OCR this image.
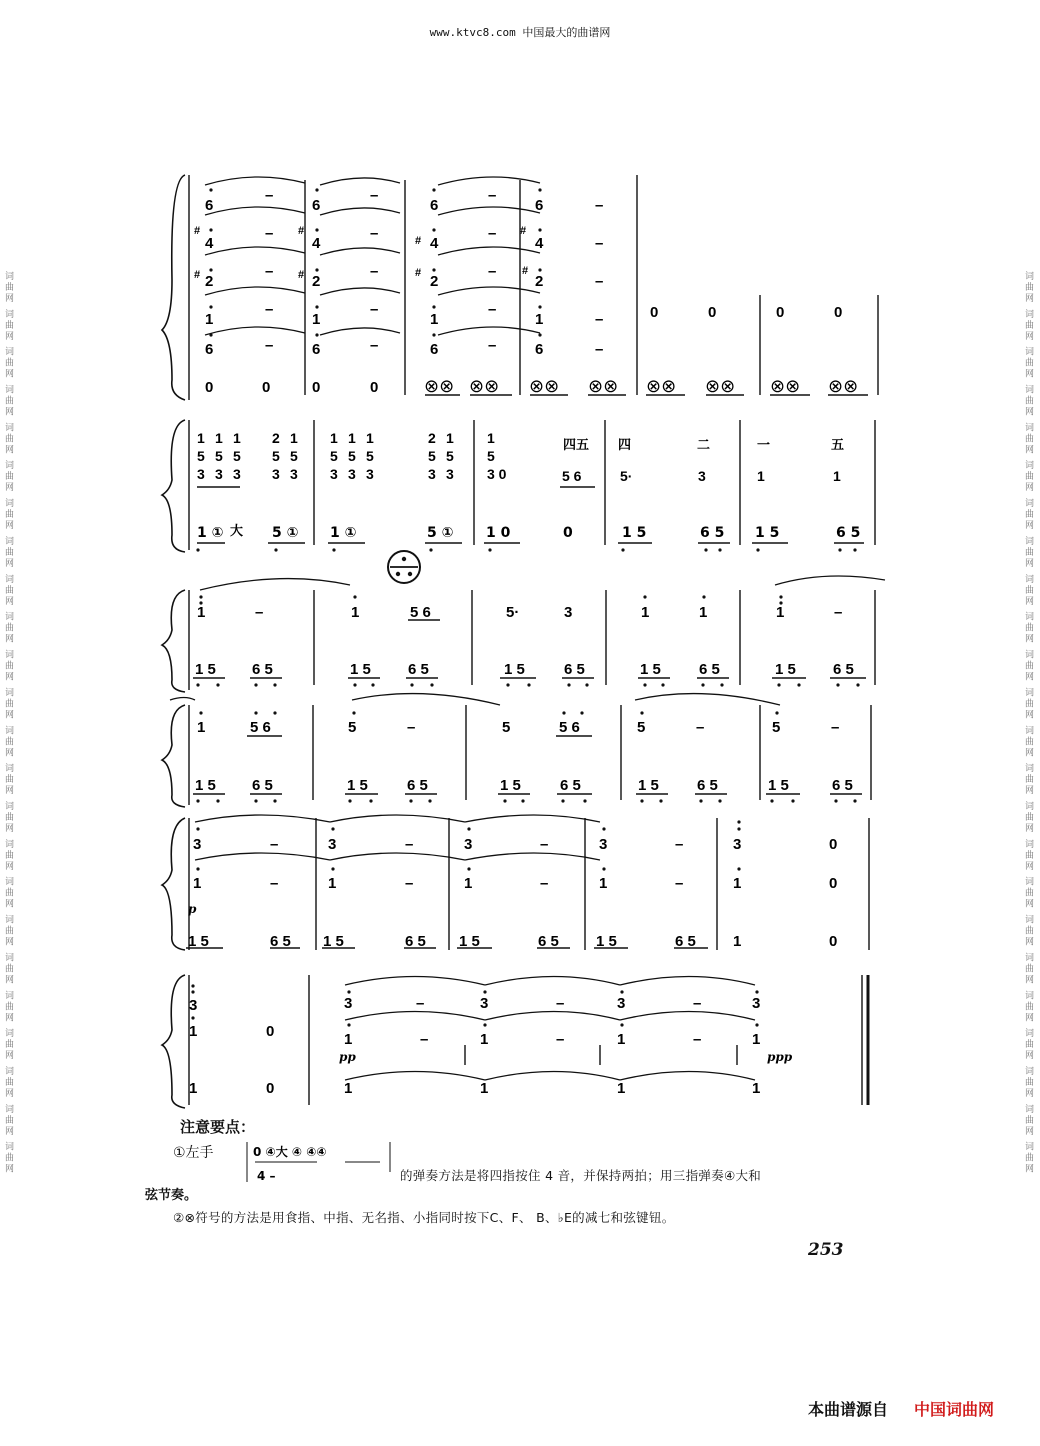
词曲网 词曲网 词曲网 词曲网 词曲网 词曲网 词曲网 词曲网 词曲网 词曲网 词曲网 词曲网 词曲网 词曲网 词曲网 词曲网 词曲网 词曲网 词曲网 词曲网 词曲网 词曲网 词曲网 词曲网	词曲网 词曲网 词曲网 词曲网 词曲网 词曲网 词曲网 词曲网 词曲网 词曲网 词曲网 词曲网 词曲网 词曲网 词曲网 词曲网 词曲网 词曲网 词曲网 词曲网 词曲网 词曲网 词曲网 词曲网
www.ktvc8.com 中国最大的曲谱网
6	6	6	6
4	4	4	4
2	2	2	2
1	1	1	1
6	6	6	6
#	#
#
#
#	#	#	#
–	–	–
–
–	–	–
–
–	–	–
–
–	–	–
–
–	–	–	–
0	0	0	0
0	0	0	0
⊗⊗ ⊗⊗ ⊗⊗ ⊗⊗ ⊗⊗ ⊗⊗ ⊗⊗ ⊗⊗
1 1 1
5 5 5
3 3 3
2 1
5 5
3 3
1 1 1
5 5 5
3 3 3
2 1
5 5
3 3
1
5
3 0	5 6	5·	3	1	1
四五 四	二	一	五
大
1 ①	5 ① 1 ①	5 ① 1 0	0	1 5	6 5 1 5	6 5
1	–	1	5 6	5·	3	1	1	1	–
1 5 6 5	1 5 6 5	1 5	6 5	1 5	6 5	1 5 6 5
1	5 6	5	–	5	5 6	5	–	5	–
1 5 6 5	1 5	6 5	1 5	6 5	1 5	6 5	1 5	6 5
3	–	3	–	3	–	3	–	3	0
1	–	1	–	1	–	1	–	1	0
1 5	6 5 1 5	6 5 1 5	6 5 1 5	6 5 1	0
p
3	3	–	3	–	3	–	3
1	0	1	–	1	–	1	–	1
1	0	1	1	1	1
pp	ppp
注意要点：
①左手	0 ④大 ④ ④④
4 –	的弹奏方法是将四指按住 4 音，并保持两拍；用三指弹奏④大和
弦节奏。
②⊗符号的方法是用食指、中指、无名指、小指同时按下C、F、 B、♭E的减七和弦键钮。
253
本曲谱源自 中国词曲网
